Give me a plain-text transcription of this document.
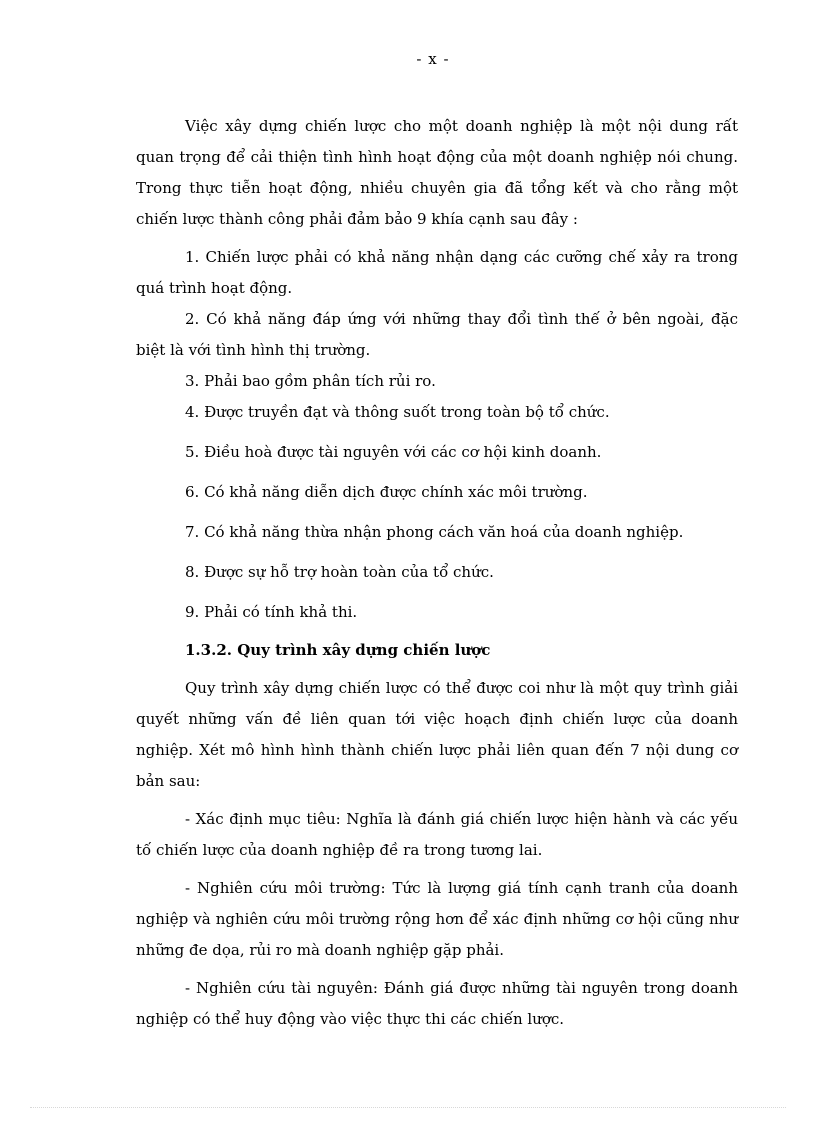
- x -

Việc xây dựng chiến lược cho một doanh nghiệp là một nội dung rất quan trọng để cải thiện tình hình hoạt động của một doanh nghiệp nói chung. Trong thực tiễn hoạt động, nhiều chuyên gia đã tổng kết và cho rằng một chiến lược thành công phải đảm bảo 9 khía cạnh sau đây :

1. Chiến lược phải có khả năng nhận dạng các cưỡng chế xảy ra trong quá trình hoạt động.

2. Có khả năng đáp ứng với những thay đổi tình thế ở bên ngoài, đặc biệt là với tình hình thị trường.

3. Phải bao gồm phân tích rủi ro.

4. Được truyền đạt và thông suốt trong toàn bộ tổ chức.

5. Điều hoà được tài nguyên với các cơ hội kinh doanh.

6. Có khả năng diễn dịch được chính xác môi trường.

7. Có khả năng thừa nhận phong cách văn hoá của doanh nghiệp.

8. Được sự hỗ trợ hoàn toàn của tổ chức.

9. Phải có tính khả thi.

1.3.2. Quy trình xây dựng chiến lược

Quy trình xây dựng chiến lược có thể được coi như là một quy trình giải quyết những vấn đề liên quan tới việc hoạch định chiến lược của doanh nghiệp. Xét mô hình hình thành chiến lược phải liên quan đến 7 nội dung cơ bản sau:

- Xác định mục tiêu: Nghĩa là đánh giá chiến lược hiện hành và các yếu tố chiến lược của doanh nghiệp đề ra trong tương lai.

- Nghiên cứu môi trường: Tức là lượng giá tính cạnh tranh của doanh nghiệp và nghiên cứu môi trường rộng hơn để xác định những cơ hội cũng như những đe dọa, rủi ro mà doanh nghiệp gặp phải.

- Nghiên cứu tài nguyên: Đánh giá được những tài nguyên trong doanh nghiệp có thể huy động vào việc thực thi các chiến lược.
